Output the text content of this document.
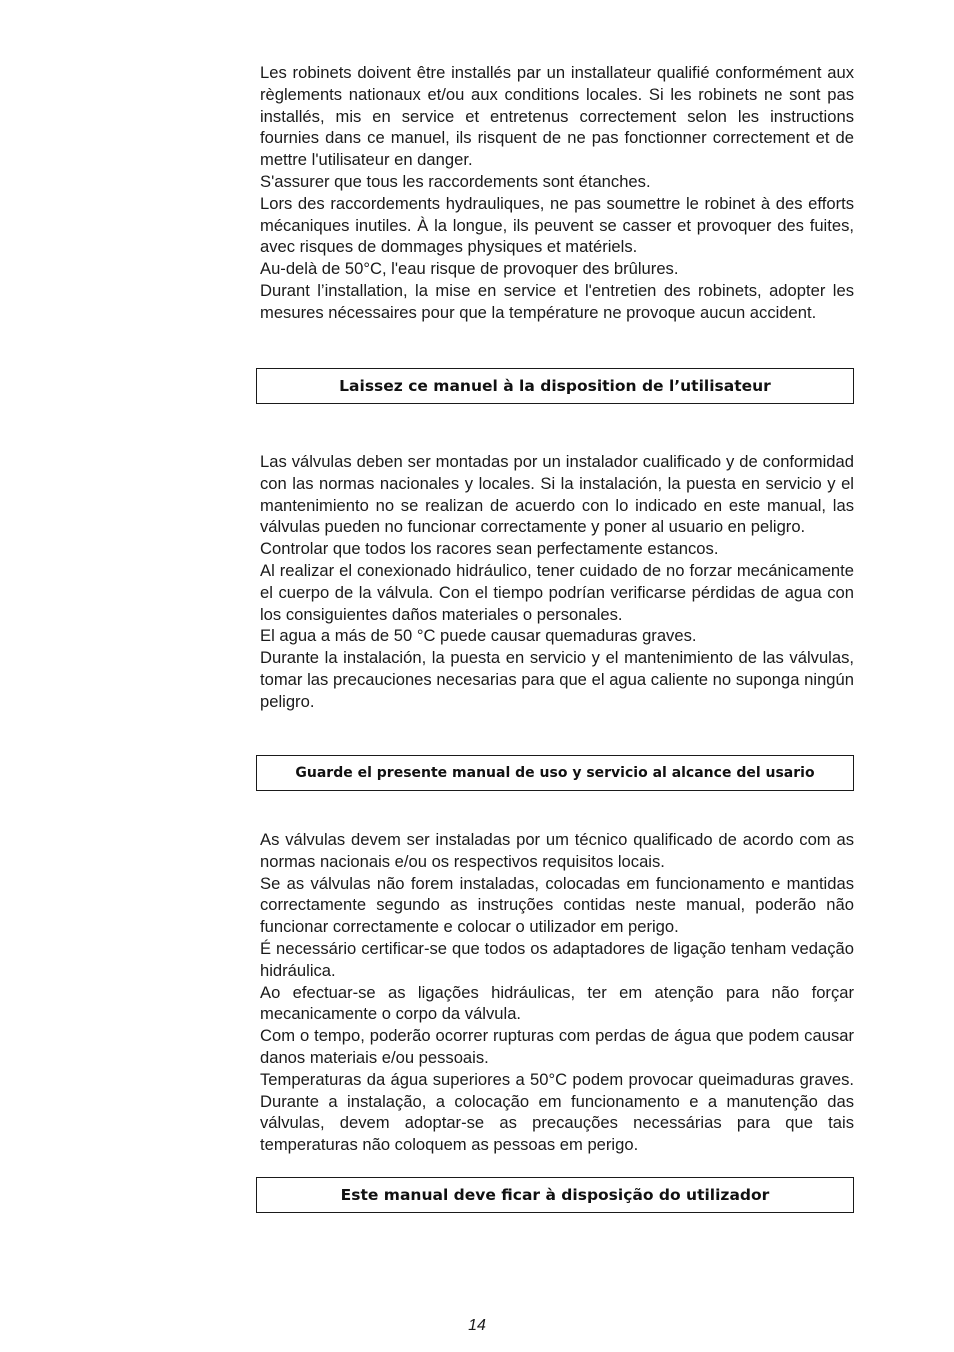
Les robinets doivent être installés par un installateur qualifié conformément aux règlements nationaux et/ou aux conditions locales. Si les robinets ne sont pas installés, mis en service et entretenus correctement selon les instructions fournies dans ce manuel, ils risquent de ne pas fonctionner correctement et de mettre l'utilisateur en danger.

S'assurer que tous les raccordements sont étanches.

Lors des raccordements hydrauliques, ne pas soumettre le robinet à des efforts mécaniques inutiles. À la longue, ils peuvent se casser et provoquer des fuites, avec risques de dommages physiques et matériels.

Au-delà de 50°C, l'eau risque de provoquer des brûlures.

Durant l’installation, la mise en service et l'entretien des robinets, adopter les mesures nécessaires pour que la température ne provoque aucun accident.

Laissez ce manuel à la disposition de l’utilisateur

Las válvulas deben ser montadas por un instalador cualificado y de conformidad con las normas nacionales y locales. Si la instalación, la puesta en servicio y el mantenimiento no se realizan de acuerdo con lo indicado en este manual, las válvulas pueden no funcionar correctamente y poner al usuario en peligro.

Controlar que todos los racores sean perfectamente estancos.

Al realizar el conexionado hidráulico, tener cuidado de no forzar mecánicamente el cuerpo de la válvula. Con el tiempo podrían verificarse pérdidas de agua con los consiguientes daños materiales o personales.

El agua a más de 50 °C puede causar quemaduras graves.

Durante la instalación, la puesta en servicio y el mantenimiento de las válvulas, tomar las precauciones necesarias para que el agua caliente no suponga ningún peligro.

Guarde el presente manual de uso y servicio al alcance del usario

As válvulas devem ser instaladas por um técnico qualificado de acordo com as normas nacionais e/ou os respectivos requisitos locais.

Se as válvulas não forem instaladas, colocadas em funcionamento e mantidas correctamente segundo as instruções contidas neste manual, poderão não funcionar correctamente e colocar o utilizador em perigo.

É necessário certificar-se que todos os adaptadores de ligação tenham vedação hidráulica.

Ao efectuar-se as ligações hidráulicas, ter em atenção para não forçar mecanicamente o corpo da válvula.

Com o tempo, poderão ocorrer rupturas com perdas de água que podem causar danos materiais e/ou pessoais.

Temperaturas da água superiores a 50°C podem provocar queimaduras graves. Durante a instalação, a colocação em funcionamento e a manutenção das válvulas, devem adoptar-se as precauções necessárias para que tais temperaturas não coloquem as pessoas em perigo.

Este manual deve ficar à disposição do utilizador
14
